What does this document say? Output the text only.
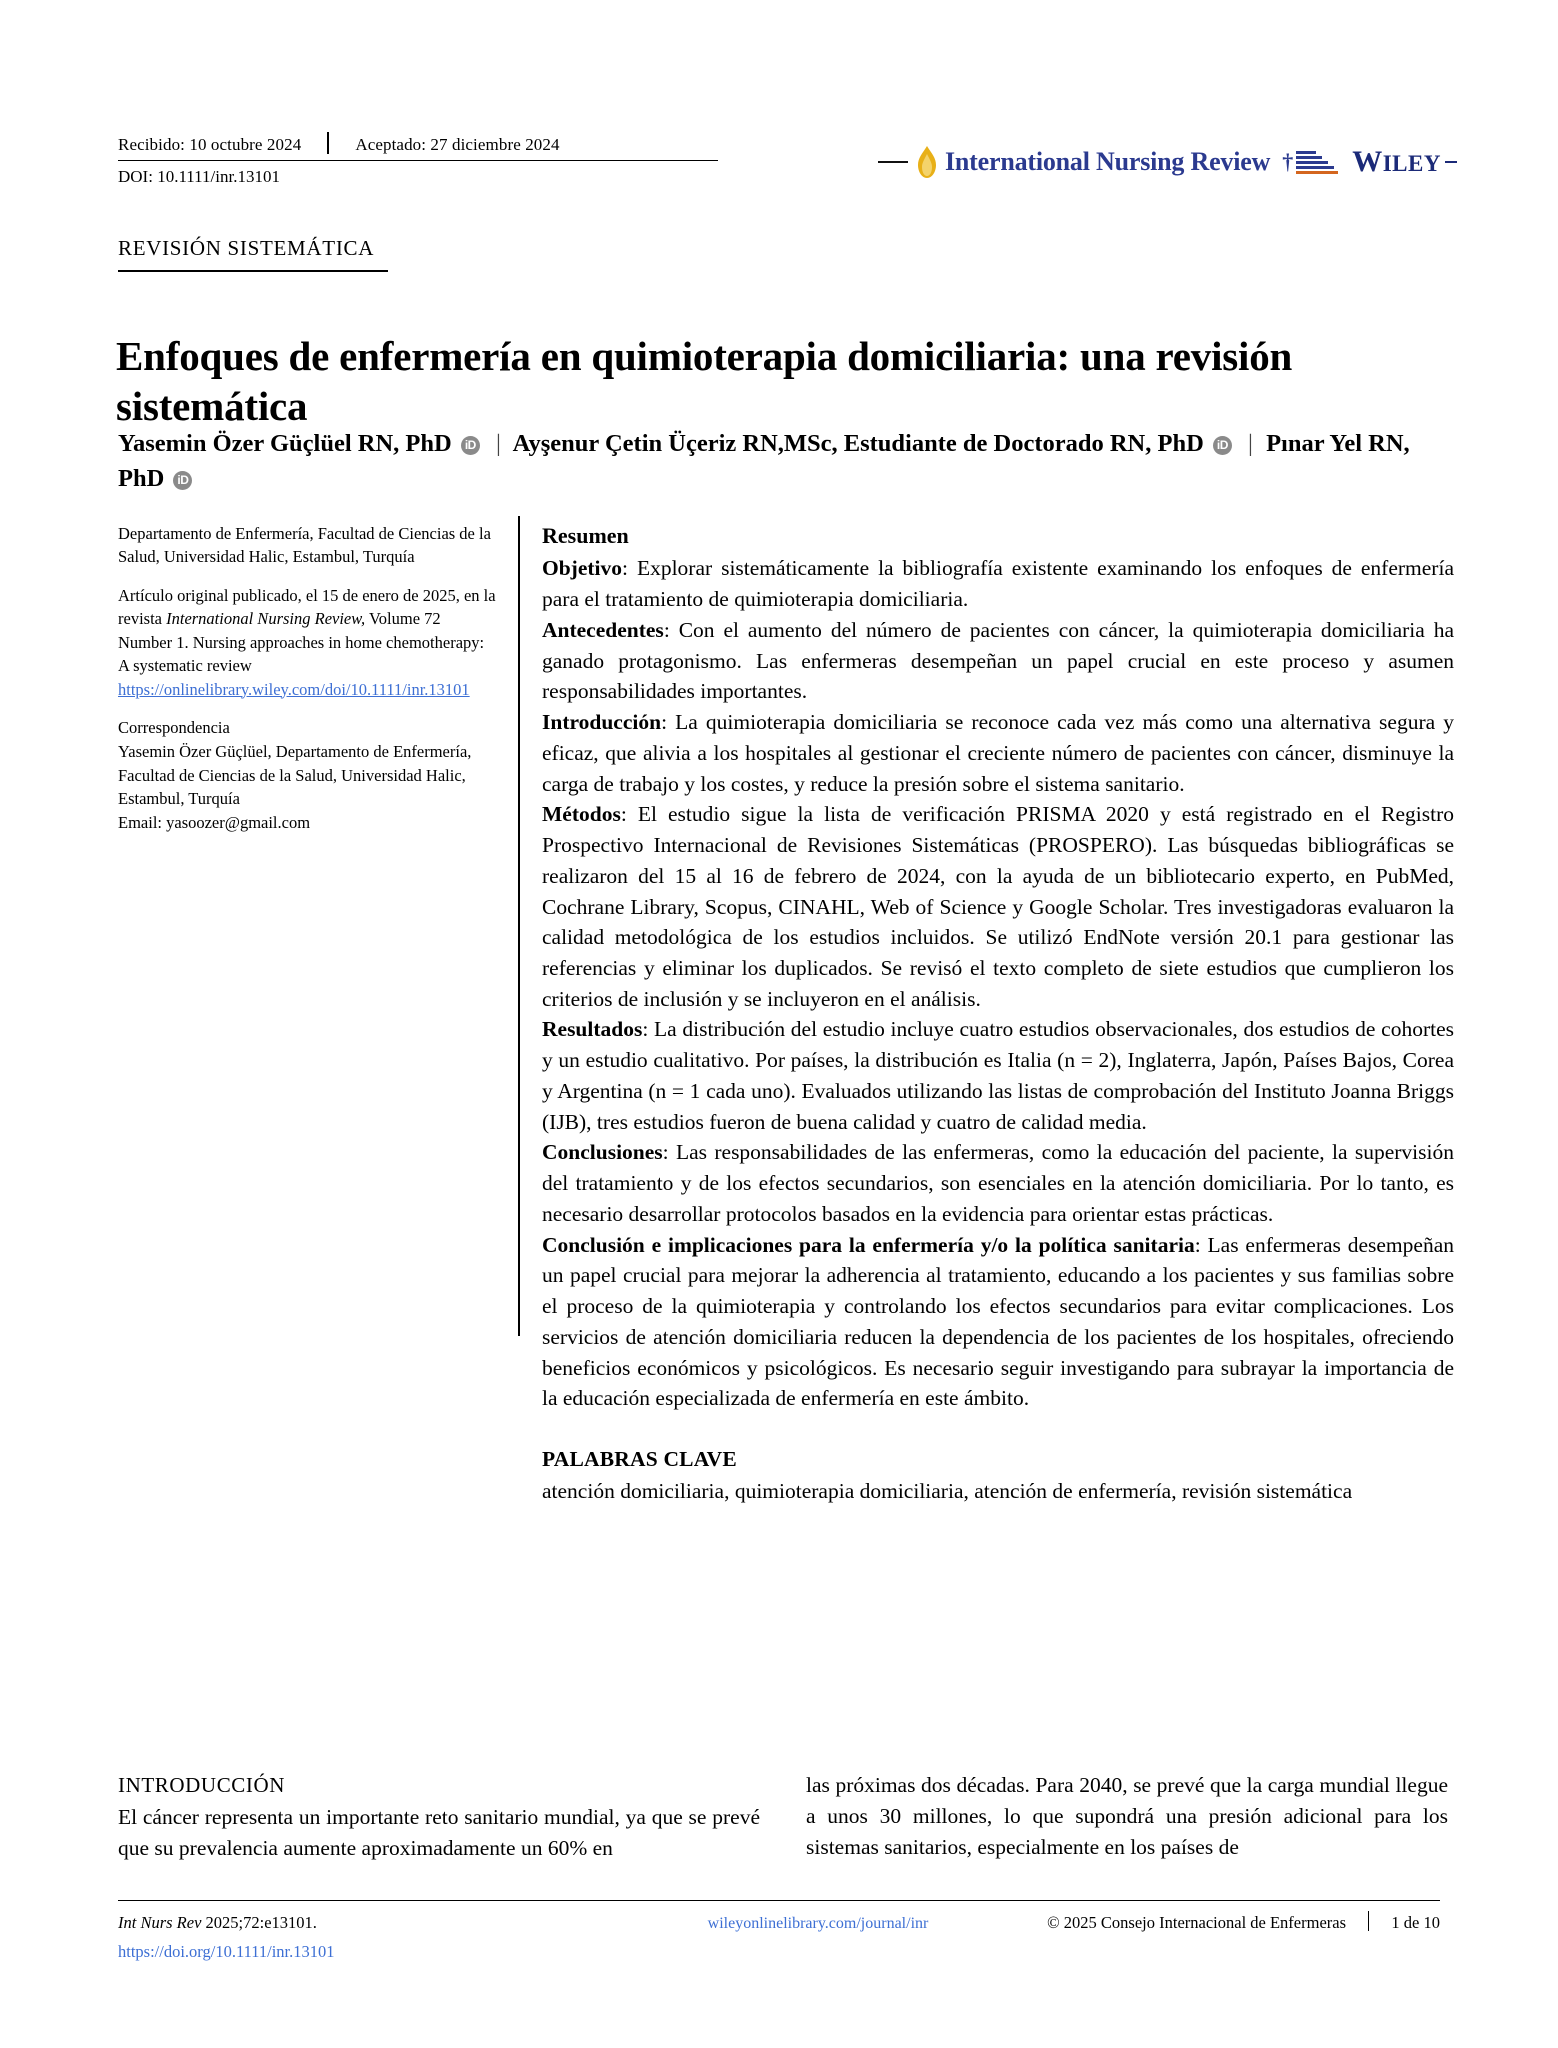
Recibido: 10 octubre 2024	Aceptado: 27 diciembre 2024
DOI: 10.1111/inr.13101
International Nursing Review † WILEY
REVISIÓN SISTEMÁTICA
Enfoques de enfermería en quimioterapia domiciliaria: una revisión sistemática
Yasemin Özer Güçlüel RN, PhD iD | Ayşenur Çetin Üçeriz RN,MSc, Estudiante de Doctorado RN, PhD iD | Pınar Yel RN, PhD iD

Departamento de Enfermería, Facultad de Ciencias de la Salud, Universidad Halic, Estambul, Turquía

Artículo original publicado, el 15 de enero de 2025, en la revista International Nursing Review, Volume 72 Number 1. Nursing approaches in home chemotherapy: A systematic review
https://onlinelibrary.wiley.com/doi/10.1111/inr.13101

Correspondencia
Yasemin Özer Güçlüel, Departamento de Enfermería, Facultad de Ciencias de la Salud, Universidad Halic, Estambul, Turquía
Email: yasoozer@gmail.com
Resumen

Objetivo: Explorar sistemáticamente la bibliografía existente examinando los enfoques de enfermería para el tratamiento de quimioterapia domiciliaria.

Antecedentes: Con el aumento del número de pacientes con cáncer, la quimioterapia domiciliaria ha ganado protagonismo. Las enfermeras desempeñan un papel crucial en este proceso y asumen responsabilidades importantes.

Introducción: La quimioterapia domiciliaria se reconoce cada vez más como una alternativa segura y eficaz, que alivia a los hospitales al gestionar el creciente número de pacientes con cáncer, disminuye la carga de trabajo y los costes, y reduce la presión sobre el sistema sanitario.

Métodos: El estudio sigue la lista de verificación PRISMA 2020 y está registrado en el Registro Prospectivo Internacional de Revisiones Sistemáticas (PROSPERO). Las búsquedas bibliográficas se realizaron del 15 al 16 de febrero de 2024, con la ayuda de un bibliotecario experto, en PubMed, Cochrane Library, Scopus, CINAHL, Web of Science y Google Scholar. Tres investigadoras evaluaron la calidad metodológica de los estudios incluidos. Se utilizó EndNote versión 20.1 para gestionar las referencias y eliminar los duplicados. Se revisó el texto completo de siete estudios que cumplieron los criterios de inclusión y se incluyeron en el análisis.

Resultados: La distribución del estudio incluye cuatro estudios observacionales, dos estudios de cohortes y un estudio cualitativo. Por países, la distribución es Italia (n = 2), Inglaterra, Japón, Países Bajos, Corea y Argentina (n = 1 cada uno). Evaluados utilizando las listas de comprobación del Instituto Joanna Briggs (IJB), tres estudios fueron de buena calidad y cuatro de calidad media.

Conclusiones: Las responsabilidades de las enfermeras, como la educación del paciente, la supervisión del tratamiento y de los efectos secundarios, son esenciales en la atención domiciliaria. Por lo tanto, es necesario desarrollar protocolos basados en la evidencia para orientar estas prácticas.

Conclusión e implicaciones para la enfermería y/o la política sanitaria: Las enfermeras desempeñan un papel crucial para mejorar la adherencia al tratamiento, educando a los pacientes y sus familias sobre el proceso de la quimioterapia y controlando los efectos secundarios para evitar complicaciones. Los servicios de atención domiciliaria reducen la dependencia de los pacientes de los hospitales, ofreciendo beneficios económicos y psicológicos. Es necesario seguir investigando para subrayar la importancia de la educación especializada de enfermería en este ámbito.

PALABRAS CLAVE

atención domiciliaria, quimioterapia domiciliaria, atención de enfermería, revisión sistemática

INTRODUCCIÓN

El cáncer representa un importante reto sanitario mundial, ya que se prevé que su prevalencia aumente aproximadamente un 60% en

las próximas dos décadas. Para 2040, se prevé que la carga mundial llegue a unos 30 millones, lo que supondrá una presión adicional para los sistemas sanitarios, especialmente en los países de

Int Nurs Rev 2025;72:e13101.	wileyonlinelibrary.com/journal/inr	© 2025 Consejo Internacional de Enfermeras	1 de 10
https://doi.org/10.1111/inr.13101
